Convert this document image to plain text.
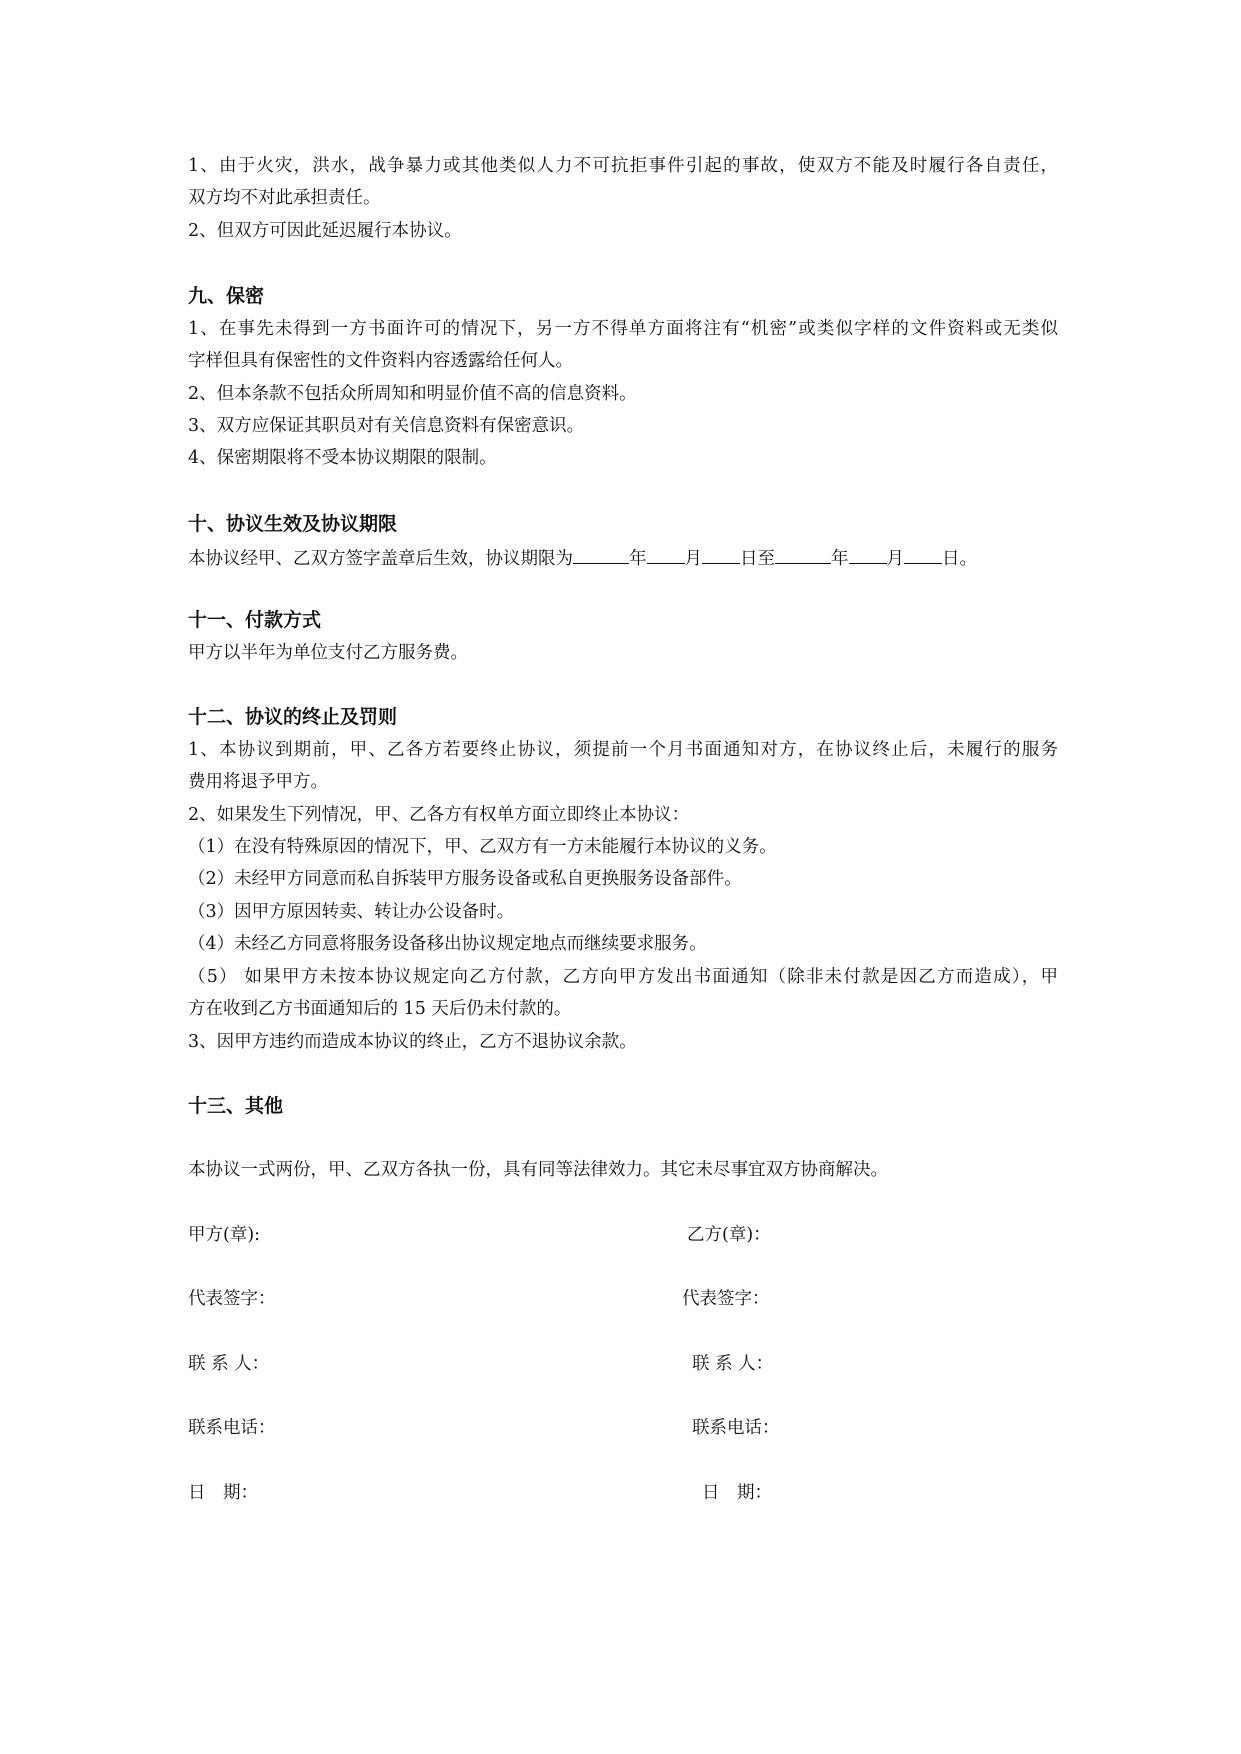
1、由于火灾，洪水，战争暴力或其他类似人力不可抗拒事件引起的事故，使双方不能及时履行各自责任，
双方均不对此承担责任。
2、但双方可因此延迟履行本协议。
九、保密
1、在事先未得到一方书面许可的情况下，另一方不得单方面将注有“机密”或类似字样的文件资料或无类似
字样但具有保密性的文件资料内容透露给任何人。
2、但本条款不包括众所周知和明显价值不高的信息资料。
3、双方应保证其职员对有关信息资料有保密意识。
4、保密期限将不受本协议期限的限制。
十、协议生效及协议期限
本协议经甲、乙双方签字盖章后生效，协议期限为	年 月 日至	年 月 日。
十一、付款方式
甲方以半年为单位支付乙方服务费。
十二、协议的终止及罚则
1、本协议到期前，甲、乙各方若要终止协议，须提前一个月书面通知对方，在协议终止后，未履行的服务
费用将退予甲方。
2、如果发生下列情况，甲、乙各方有权单方面立即终止本协议：
（1）在没有特殊原因的情况下，甲、乙双方有一方未能履行本协议的义务。
（2）未经甲方同意而私自拆装甲方服务设备或私自更换服务设备部件。
（3）因甲方原因转卖、转让办公设备时。
（4）未经乙方同意将服务设备移出协议规定地点而继续要求服务。
（5） 如果甲方未按本协议规定向乙方付款，乙方向甲方发出书面通知（除非未付款是因乙方而造成），甲
方在收到乙方书面通知后的 15 天后仍未付款的。
3、因甲方违约而造成本协议的终止，乙方不退协议余款。
十三、其他
本协议一式两份，甲、乙双方各执一份，具有同等法律效力。其它未尽事宜双方协商解决。
甲方(章):	乙方(章)：
代表签字：	代表签字：
联 系 人：	联 系 人：
联系电话：	联系电话：
日　期：	日　期：
